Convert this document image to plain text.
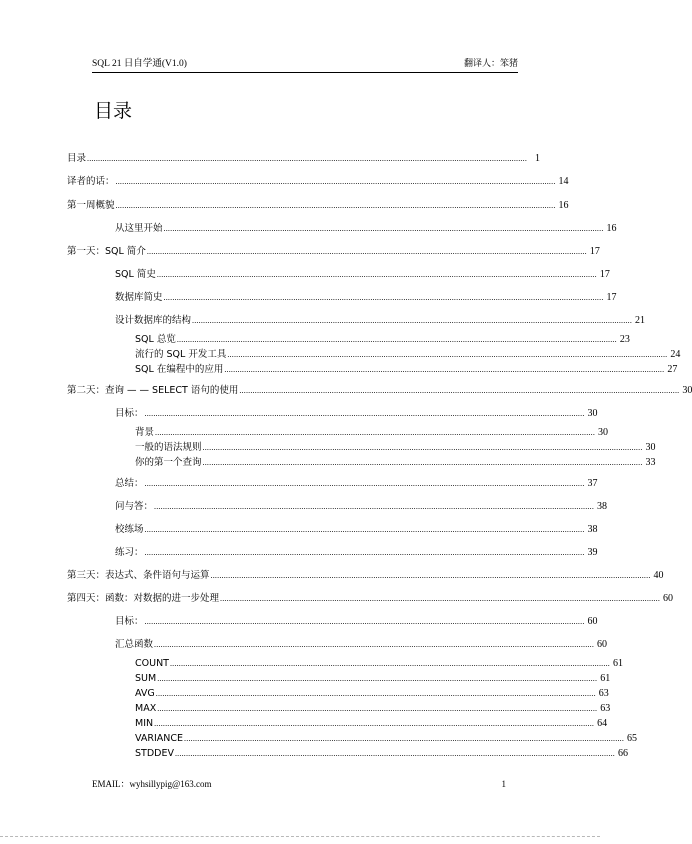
SQL 21 日自学通(V1.0)	翻译人：笨猪
目录
目录 ........................................................................................................................................................................................................ 1
译者的话： ........................................................................................................................................................................................................ 14
第一周概貌 ........................................................................................................................................................................................................ 16
从这里开始 ........................................................................................................................................................................................................ 16
第一天：SQL 简介 ........................................................................................................................................................................................................ 17
SQL 简史 ........................................................................................................................................................................................................ 17
数据库简史 ........................................................................................................................................................................................................ 17
设计数据库的结构 ........................................................................................................................................................................................................ 21
SQL 总览 ........................................................................................................................................................................................................ 23
流行的 SQL 开发工具 ........................................................................................................................................................................................................ 24
SQL 在编程中的应用 ........................................................................................................................................................................................................ 27
第二天：查询 — — SELECT 语句的使用 ........................................................................................................................................................................................................ 30
目标： ........................................................................................................................................................................................................ 30
背景 ........................................................................................................................................................................................................ 30
一般的语法规则 ........................................................................................................................................................................................................ 30
你的第一个查询 ........................................................................................................................................................................................................ 33
总结： ........................................................................................................................................................................................................ 37
问与答： ........................................................................................................................................................................................................ 38
校练场 ........................................................................................................................................................................................................ 38
练习： ........................................................................................................................................................................................................ 39
第三天：表达式、条件语句与运算 ........................................................................................................................................................................................................ 40
第四天：函数：对数据的进一步处理 ........................................................................................................................................................................................................ 60
目标： ........................................................................................................................................................................................................ 60
汇总函数 ........................................................................................................................................................................................................ 60
COUNT ........................................................................................................................................................................................................ 61
SUM ........................................................................................................................................................................................................ 61
AVG ........................................................................................................................................................................................................ 63
MAX ........................................................................................................................................................................................................ 63
MIN ........................................................................................................................................................................................................ 64
VARIANCE ........................................................................................................................................................................................................ 65
STDDEV ........................................................................................................................................................................................................ 66
EMAIL：wyhsillypig@163.com	1
